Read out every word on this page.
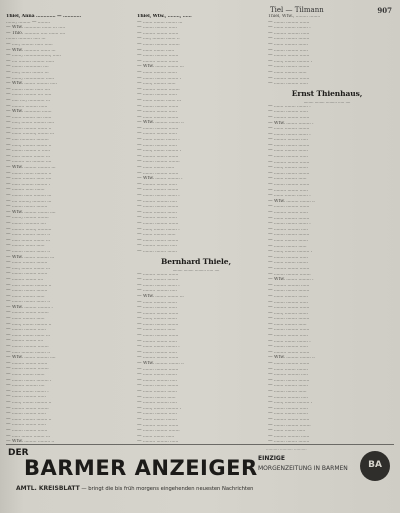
Tiel — Tilmann	907
Thiel, Anna ............. — ............
......., ......... — .........
— Wtw. ............ ....... ... .....
— Thlo. ........... ..... ....... ....
........ .......... ..... ...
— ....., ......... ...... ......
— Wtw. ........... ....... ...
— ......., ..................., ......
— .... ......... ......... ......
— ........ ............. ....
— ....., ....... ........ ...
— ......., ............... ......
— Wtw. ........ ......... .....
— ........ ....... ...... ....
— ........ ......... .... .....
— ..... ...., ............ ...
— ......... ......... ......
— Wtw. ............ .......
— ....... ......... .... ......
— ....., ........ ......... .....
— ........ ......... ....... ..
— ....... ........., ........ ...
— ..... ........... .........
— ......, ......... ........ ..
— ........ ......... .. ......
— ...... ........ ........ ...
— ......... .... ......... ....
— Wtw. ......... ......... ...
— ........ ....... ......... ..
— ....... ......... ...... ....
— ...... ......... ......... .
— ......... ...... .......
— ........ ...... ......... ...
— .... ........, .......... ...
— ........ ........ ........
— Wtw. ......... ........ ....
— ......., ......... ........
— ........ ........... ....
— ......... ......., ..........
— ....... ......... ....... ..
— ...... ........ ........ ...
— ......... ....... ......
— ........ ........ ....... ..
— Wtw. ........ ......... ...
— ....... ......... ........
— ....., ........ ........ ...
— ........ ......... .......
— ......... ........ ....
— ...... ......... ......... ..
— ........ ........ ........
— ....... ......... ......
— ........ ........ ....... ..
— Wtw. ......... ......... .
— ......... ........ ........
— ....... ......... ......
— ......, ........ ......... ..
— ........ ......... ......
— ....... ........ ....... ...
— ......... ........ ....
— ........ ......... ........
— ...... ......... ........ ..
— Wtw. ........ ......... ....
— ......... ........ .......
— ........ ......... ........
— ....... ........ .......
— ........ ........ ......... .
— ......... ......... ....
— ....... ........ ........ .
— ........ ......... ......
— ......, ........ ......... ..
— ......... ........ ........
— ........ ......... ......
— ....... ......... ........ ..
— ......... ........ ......
— ........ ......... .......
— ...... ........ ........ ...
— Wtw. ......... ......... ..
Thiel, Wtw., ........, ......
— ....... ........ ........ ...
— ........ ......... ......
— ......... ........ .......
— ....., ......... ....... ..
— ........ ......... ........
— ....... ........ ......
— ........ ......... .......
— ......... ........ .......
— Wtw. ........ ........ ...
— ....... ......... .......
— ........ ........ ........ .
— ......, ......... ......
— ......... ........ ........
— ........ ......... ......
— ....... ........ ....... ...
— ........ ......... .......
— ......... ........ ......
— ....... ......... ........
— Wtw. ......... ........ ..
— ........ ......... .......
— ......... ........ ......
— ....... ........ ........ .
— ........ ......... ......
— ......, ........ ......... .
— ......... ........ .......
— ........ ......... ........
— ....... ........ ......
— ........ ......... .......
— Wtw. ........ ......... .
— ......... ........ ......
— ....... ......... ........
— ........ ........ ....... .
— ......... ......... .....
— ........ ........ ........
— ....... ......... .......
— ......... ........ ......
— ........ ......... .......
— ......, ........ ........ .
— ....... ......... ......
— ........ ........ ........
— ......... ......... .....
— ........ ........ .......
Bernhard Thiele,
........ ........ ......... ..... ....
— ......... ........ .......
— ....... ......... ........
— ........ ........ ....... .
— ......... ......... .....
— Wtw. ........ ........ ...
— ....... ......... .......
— ........ ......... ......
— ......... ........ .......
— ......, ......... .......
— ........ ........ ........
— ....... ......... ......
— ........ ......... .......
— ......... ........ ......
— ....... ........ ........ .
— ........ ......... ......
— ......... ........ .......
— Wtw. ......... ........ ..
— ........ ......... .......
— ....... ........ ........
— ......... ......... .....
— ........ ........ ........
— ....... ......... .......
— ........ ........ ......
— ......... ......... .....
— ......, ........ ......... .
— ........ ......... ......
— ....... ........ ........
— ......... ........ .......
— ........ ......... ........
— ....... ........ ......
— ......... ......... ......
Thiel, Wtw., ......... ........
— ........ ......... .......
— ....... ........ ........ .
— ......... ......... ......
— ........ ........ ........
— ....... ......... .......
— ........ ......... ......
— ......... ........ .......
— ......, ........ ......... .
— ........ ........ ........
— ....... ......... ......
— ......... ........ .......
— ........ ......... ......
Ernst Thienhaus,
........ ........ ......... ..... ....
— ....... ........ ........ .
— ........ ......... ......
— ......... ........ .......
— Wtw. ........ ......... .
— ....... ......... ........
— ........ ........ ....... .
— ......... ......... .....
— ........ ........ ........
— ....... ......... .......
— ........ ......... ......
— ......... ........ .......
— ......, ......... .......
— ........ ........ ........
— ....... ......... ......
— ........ ......... .......
— ......... ........ ......
— ....... ........ ........ .
— Wtw. ......... ........ ..
— ........ ......... .......
— ......... ........ ......
— ....... ......... ........
— ........ ........ ....... .
— ......... ......... .....
— ........ ........ ........
— ....... ......... .......
— ........ ........ ......
— ......, ........ ......... .
— ........ ......... ......
— ....... ........ ........
— ......... ........ .......
— ........ ......... ........
— Wtw. ........ ......... .
— ......... ......... ......
— ........ ........ ........
— ....... ......... .......
— ........ ......... ......
— ......... ........ .......
— ......, ......... .......
— ........ ........ ........
— ....... ......... ......
— ........ ......... .......
— ......... ........ ......
— ....... ........ ........ .
— ........ ......... ......
— ......... ........ .......
— Wtw. ......... ........ ..
— ........ ......... .......
— ....... ........ ........
— ......... ......... .....
— ........ ........ ........
— ....... ......... .......
— ........ ........ ......
— ......... ......... .....
— ......, ........ ......... .
— ........ ......... ......
— ....... ........ ........
— ......... ........ .......
— ........ ......... ........
— ....... ........ ......
— ......... ......... ......
— ........ ........ ........
DER	.......... .......... ..........
BARMER ANZEIGER EINZIGE
MORGENZEITUNG IN BARMEN
AMTL. KREISBLATT — bringt die bis früh morgens eingehenden neuesten Nachrichten
BA
